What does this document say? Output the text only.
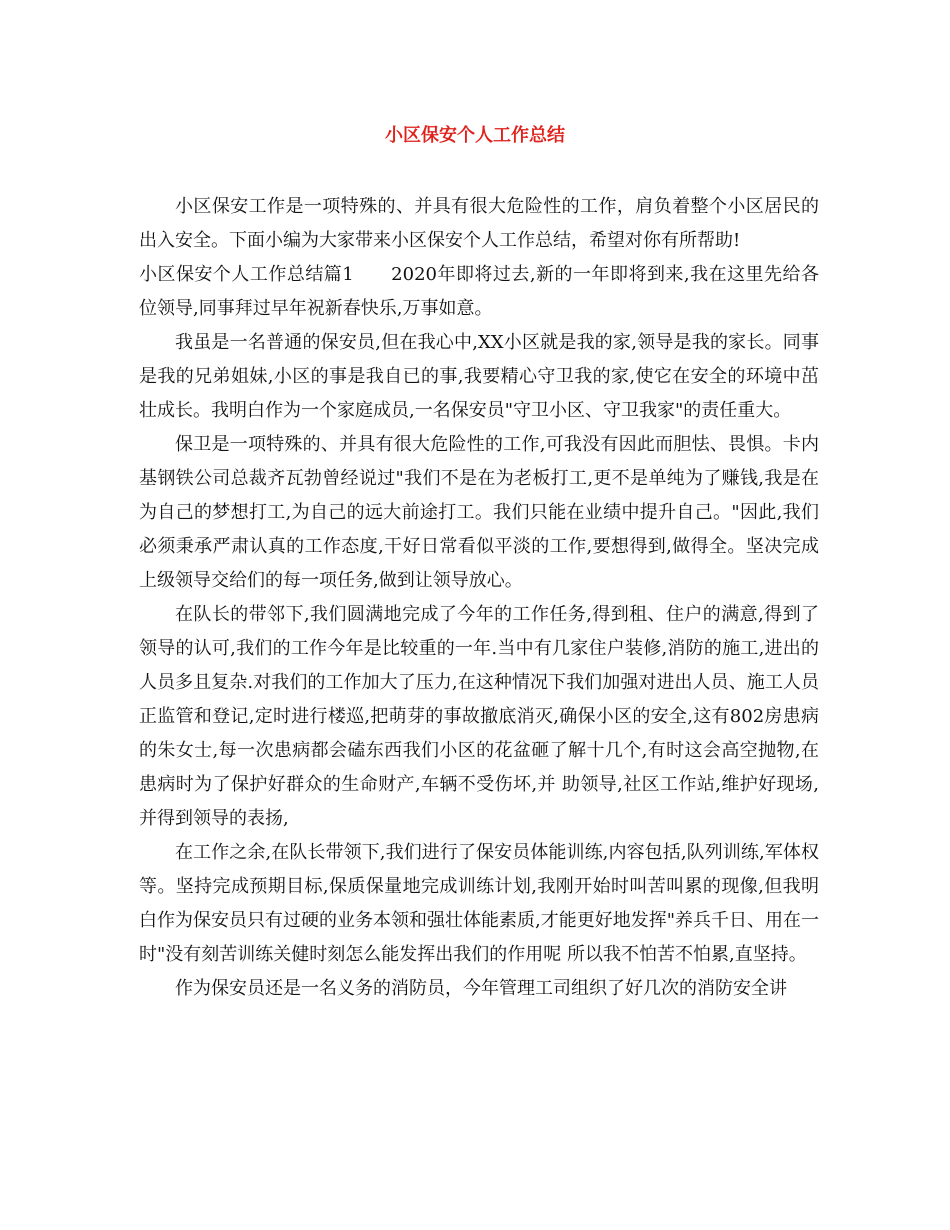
小区保安个人工作总结

小区保安工作是一项特殊的、并具有很大危险性的工作，肩负着整个小区居民的出入安全。下面小编为大家带来小区保安个人工作总结，希望对你有所帮助!

小区保安个人工作总结篇1　　2020年即将过去,新的一年即将到来,我在这里先给各位领导,同事拜过早年祝新春快乐,万事如意。

我虽是一名普通的保安员,但在我心中,XX小区就是我的家,领导是我的家长。同事是我的兄弟姐妹,小区的事是我自已的事,我要精心守卫我的家,使它在安全的环境中茁壮成长。我明白作为一个家庭成员,一名保安员"守卫小区、守卫我家"的责任重大。

保卫是一项特殊的、并具有很大危险性的工作,可我没有因此而胆怯、畏惧。卡内基钢铁公司总裁齐瓦勃曾经说过"我们不是在为老板打工,更不是单纯为了赚钱,我是在为自己的梦想打工,为自己的远大前途打工。我们只能在业绩中提升自己。"因此,我们必须秉承严肃认真的工作态度,干好日常看似平淡的工作,要想得到,做得全。坚决完成上级领导交给们的每一项任务,做到让领导放心。

在队长的带邻下,我们圆满地完成了今年的工作任务,得到租、住户的满意,得到了领导的认可,我们的工作今年是比较重的一年.当中有几家住户装修,消防的施工,进出的人员多且复杂.对我们的工作加大了压力,在这种情况下我们加强对进出人员、施工人员正监管和登记,定时进行楼巡,把萌芽的事故撤底消灭,确保小区的安全,这有802房患病的朱女士,每一次患病都会磕东西我们小区的花盆砸了解十几个,有时这会高空抛物,在患病时为了保护好群众的生命财产,车辆不受伤坏,并 助领导,社区工作站,维护好现场,并得到领导的表扬,

在工作之余,在队长带领下,我们进行了保安员体能训练,内容包括,队列训练,军体权等。坚持完成预期目标,保质保量地完成训练计划,我刚开始时叫苦叫累的现像,但我明白作为保安员只有过硬的业务本领和强壮体能素质,才能更好地发挥"养兵千日、用在一时"没有刻苦训练关健时刻怎么能发挥出我们的作用呢 所以我不怕苦不怕累,直坚持。

作为保安员还是一名义务的消防员，今年管理工司组织了好几次的消防安全讲
